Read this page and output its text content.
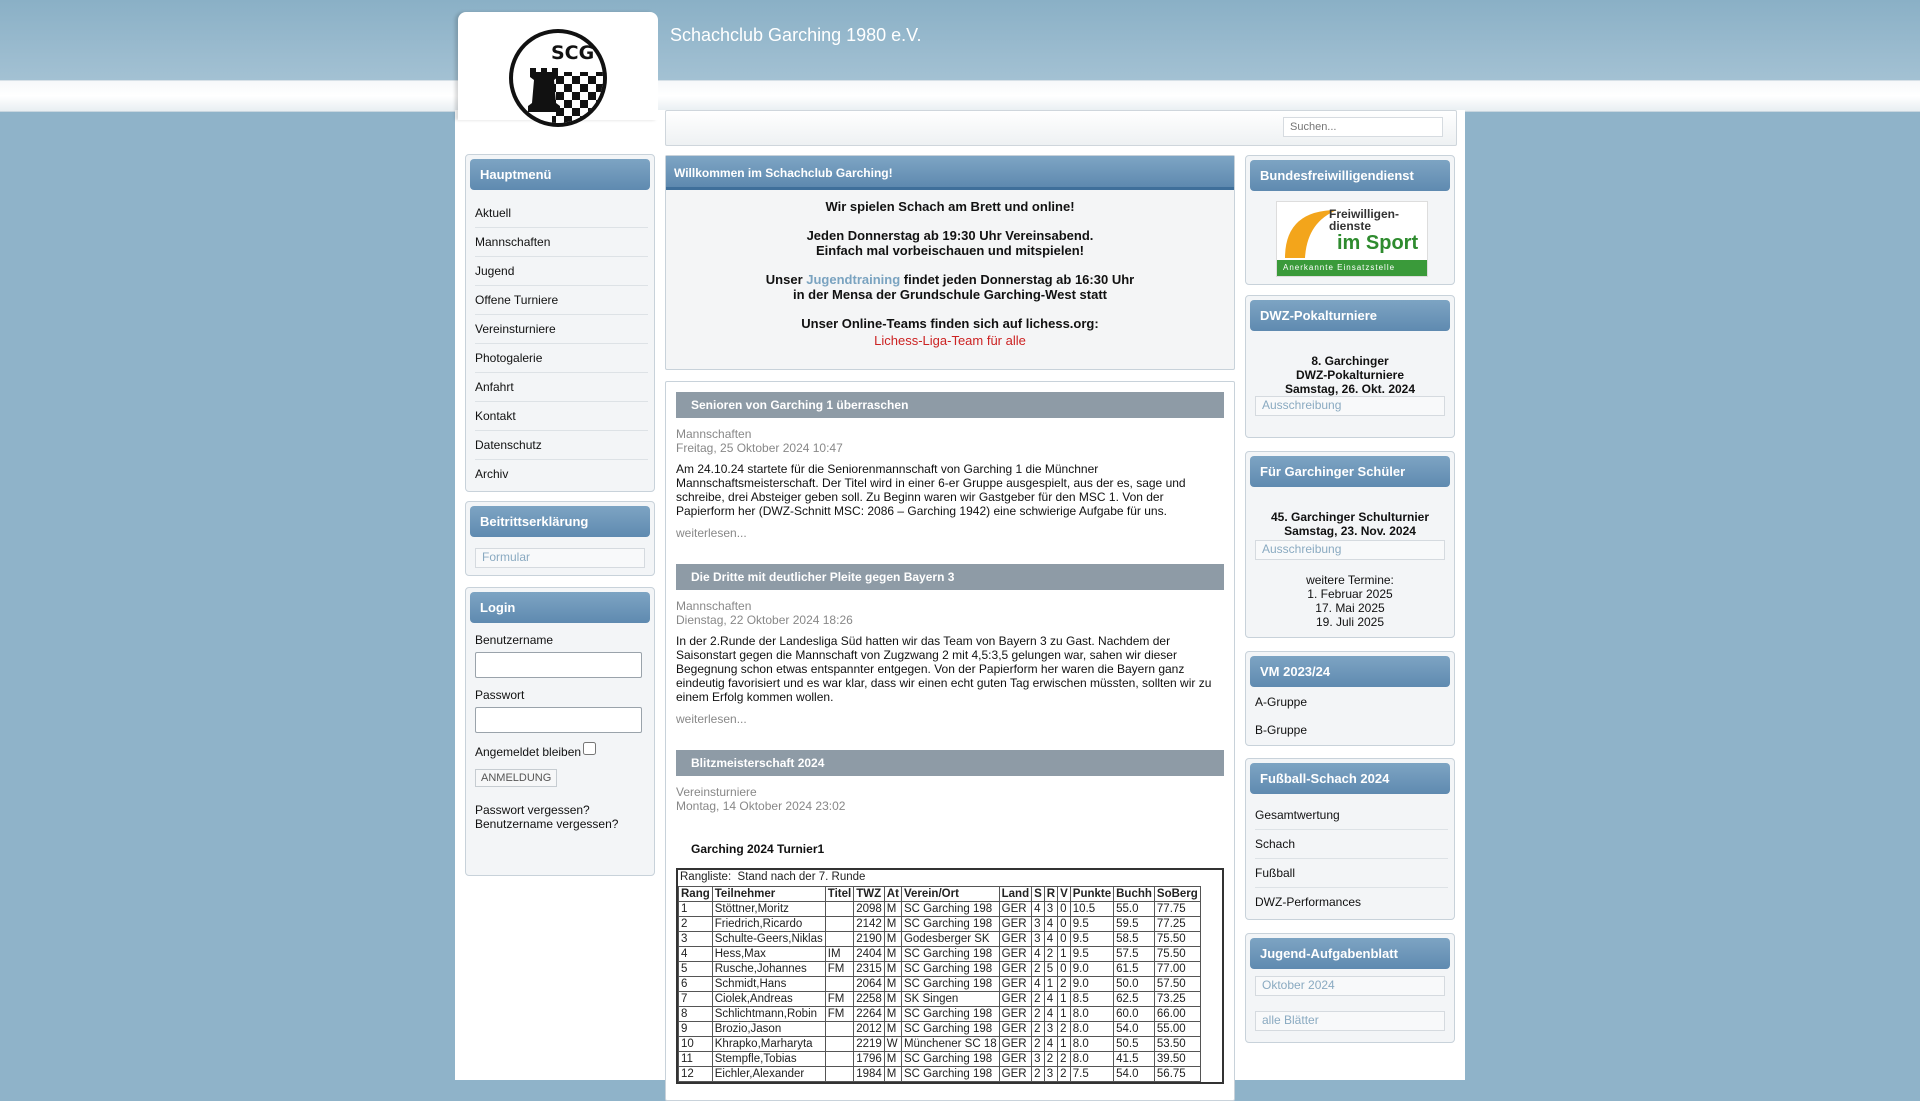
Schachclub Garching 1980 e.V.
SCG
Suchen...
Hauptmenü
Aktuell
Mannschaften
Jugend
Offene Turniere
Vereinsturniere
Photogalerie
Anfahrt
Kontakt
Datenschutz
Archiv
Beitrittserklärung
Formular
Login
Benutzername
Passwort
Angemeldet bleiben
ANMELDUNG
Passwort vergessen?
Benutzername vergessen?
Willkommen im Schachclub Garching!
Wir spielen Schach am Brett und online!
Jeden Donnerstag ab 19:30 Uhr Vereinsabend.
Einfach mal vorbeischauen und mitspielen!
Unser Jugendtraining findet jeden Donnerstag ab 16:30 Uhr
in der Mensa der Grundschule Garching-West statt
Unser Online-Teams finden sich auf lichess.org:
Lichess-Liga-Team für alle
Senioren von Garching 1 überraschen
Mannschaften
Freitag, 25 Oktober 2024 10:47
Am 24.10.24 startete für die Seniorenmannschaft von Garching 1 die Münchner Mannschaftsmeisterschaft. Der Titel wird in einer 6-er Gruppe ausgespielt, aus der es, sage und schreibe, drei Absteiger geben soll. Zu Beginn waren wir Gastgeber für den MSC 1. Von der Papierform her (DWZ-Schnitt MSC: 2086 – Garching 1942) eine schwierige Aufgabe für uns.
weiterlesen...
Die Dritte mit deutlicher Pleite gegen Bayern 3
Mannschaften
Dienstag, 22 Oktober 2024 18:26
In der 2.Runde der Landesliga Süd hatten wir das Team von Bayern 3 zu Gast. Nachdem der Saisonstart gegen die Mannschaft von Zugzwang 2 mit 4,5:3,5 gelungen war, sahen wir dieser Begegnung schon etwas entspannter entgegen. Von der Papierform her waren die Bayern ganz eindeutig favorisiert und es war klar, dass wir einen echt guten Tag erwischen müssten, sollten wir zu einem Erfolg kommen wollen.
weiterlesen...
Blitzmeisterschaft 2024
Vereinsturniere
Montag, 14 Oktober 2024 23:02
Garching 2024 Turnier1
Rangliste:  Stand nach der 7. Runde
Rang	Teilnehmer	Titel	TWZ	At	Verein/Ort	Land	S	R	V	Punkte	Buchh	SoBerg
1	Stöttner,Moritz		2098	M	SC Garching 198	GER	4	3	0	10.5	55.0	77.75
2	Friedrich,Ricardo		2142	M	SC Garching 198	GER	3	4	0	9.5	59.5	77.25
3	Schulte-Geers,Niklas		2190	M	Godesberger SK	GER	3	4	0	9.5	58.5	75.50
4	Hess,Max	IM	2404	M	SC Garching 198	GER	4	2	1	9.5	57.5	75.50
5	Rusche,Johannes	FM	2315	M	SC Garching 198	GER	2	5	0	9.0	61.5	77.00
6	Schmidt,Hans		2064	M	SC Garching 198	GER	4	1	2	9.0	50.0	57.50
7	Ciolek,Andreas	FM	2258	M	SK Singen	GER	2	4	1	8.5	62.5	73.25
8	Schlichtmann,Robin	FM	2264	M	SC Garching 198	GER	2	4	1	8.0	60.0	66.00
9	Brozio,Jason		2012	M	SC Garching 198	GER	2	3	2	8.0	54.0	55.00
10	Khrapko,Marharyta		2219	W	Münchener SC 18	GER	2	4	1	8.0	50.5	53.50
11	Stempfle,Tobias		1796	M	SC Garching 198	GER	3	2	2	8.0	41.5	39.50
12	Eichler,Alexander		1984	M	SC Garching 198	GER	2	3	2	7.5	54.0	56.75
Bundesfreiwilligendienst
Freiwilligen-
dienste
im Sport
Anerkannte Einsatzstelle
DWZ-Pokalturniere
8. Garchinger
DWZ-Pokalturniere
Samstag, 26. Okt. 2024
Ausschreibung
Für Garchinger Schüler
45. Garchinger Schulturnier
Samstag, 23. Nov. 2024
Ausschreibung
weitere Termine:
1. Februar 2025
17. Mai 2025
19. Juli 2025
VM 2023/24
A-Gruppe
B-Gruppe
Fußball-Schach 2024
Gesamtwertung
Schach
Fußball
DWZ-Performances
Jugend-Aufgabenblatt
Oktober 2024
alle Blätter
